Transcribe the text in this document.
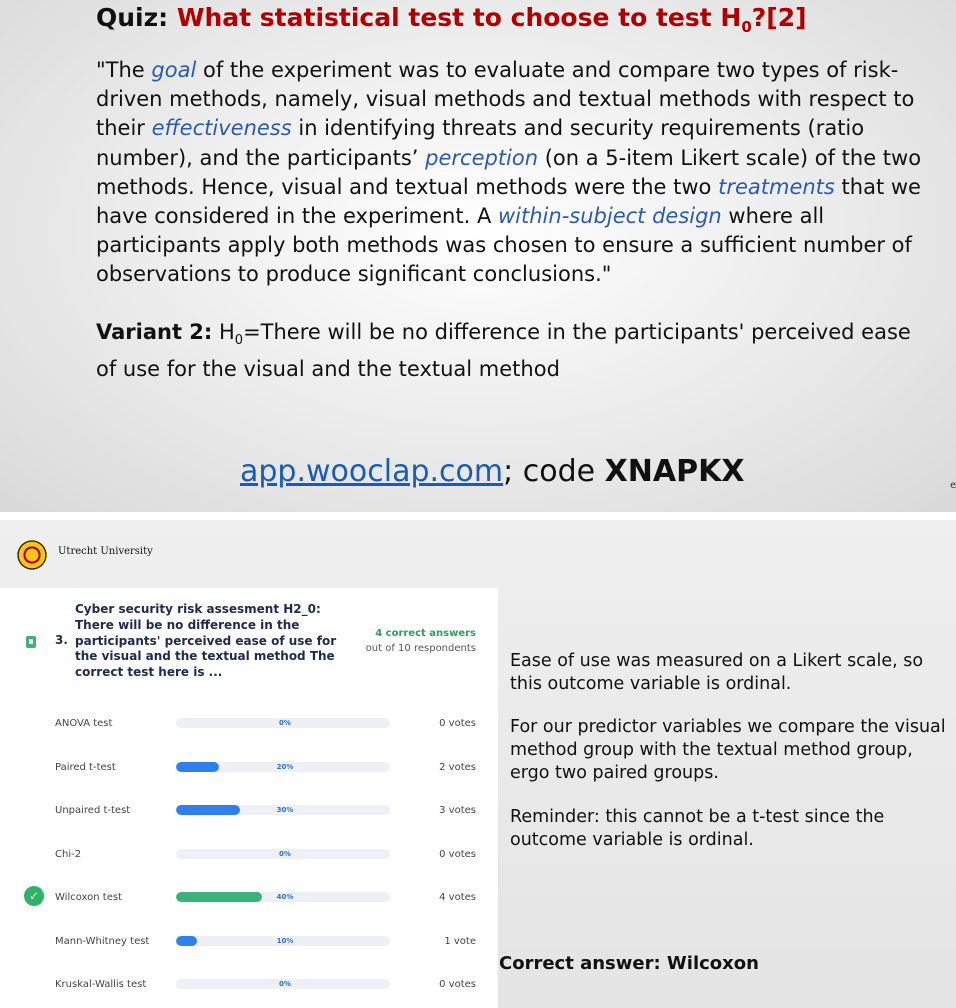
Quiz: What statistical test to choose to test $H_0?[2]$
"The goal of the experiment was to evaluate and compare two types of risk-driven methods, namely, visual methods and textual methods with respect to their effectiveness in identifying threats and security requirements (ratio number), and the participants’ perception (on a 5-item Likert scale) of the two methods. Hence, visual and textual methods were the two treatments that we have considered in the experiment. A within-subject design where all participants apply both methods was chosen to ensure a sufficient number of observations to produce significant conclusions."
Variant 2: $H_0=There$ will be no difference in the participants' perceived ease of use for the visual and the textual method
app.wooclap.com; code XNAPKX	e
Utrecht University
3.
Cyber security risk assesment H2_0: There will be no difference in the participants' perceived ease of use for the visual and the textual method The correct test here is ...
4 correct answers
out of 10 respondents
ANOVA test	0%	0 votes
Paired t-test	20%	2 votes
Unpaired t-test	30%	3 votes
Chi-2	0%	0 votes
✓	Wilcoxon test	40%	4 votes
Mann-Whitney test	10%	1 vote
Kruskal-Wallis test	0%	0 votes
Ease of use was measured on a Likert scale, so this outcome variable is ordinal.
For our predictor variables we compare the visual method group with the textual method group, ergo two paired groups.
Reminder: this cannot be a t-test since the outcome variable is ordinal.
Correct answer: Wilcoxon
